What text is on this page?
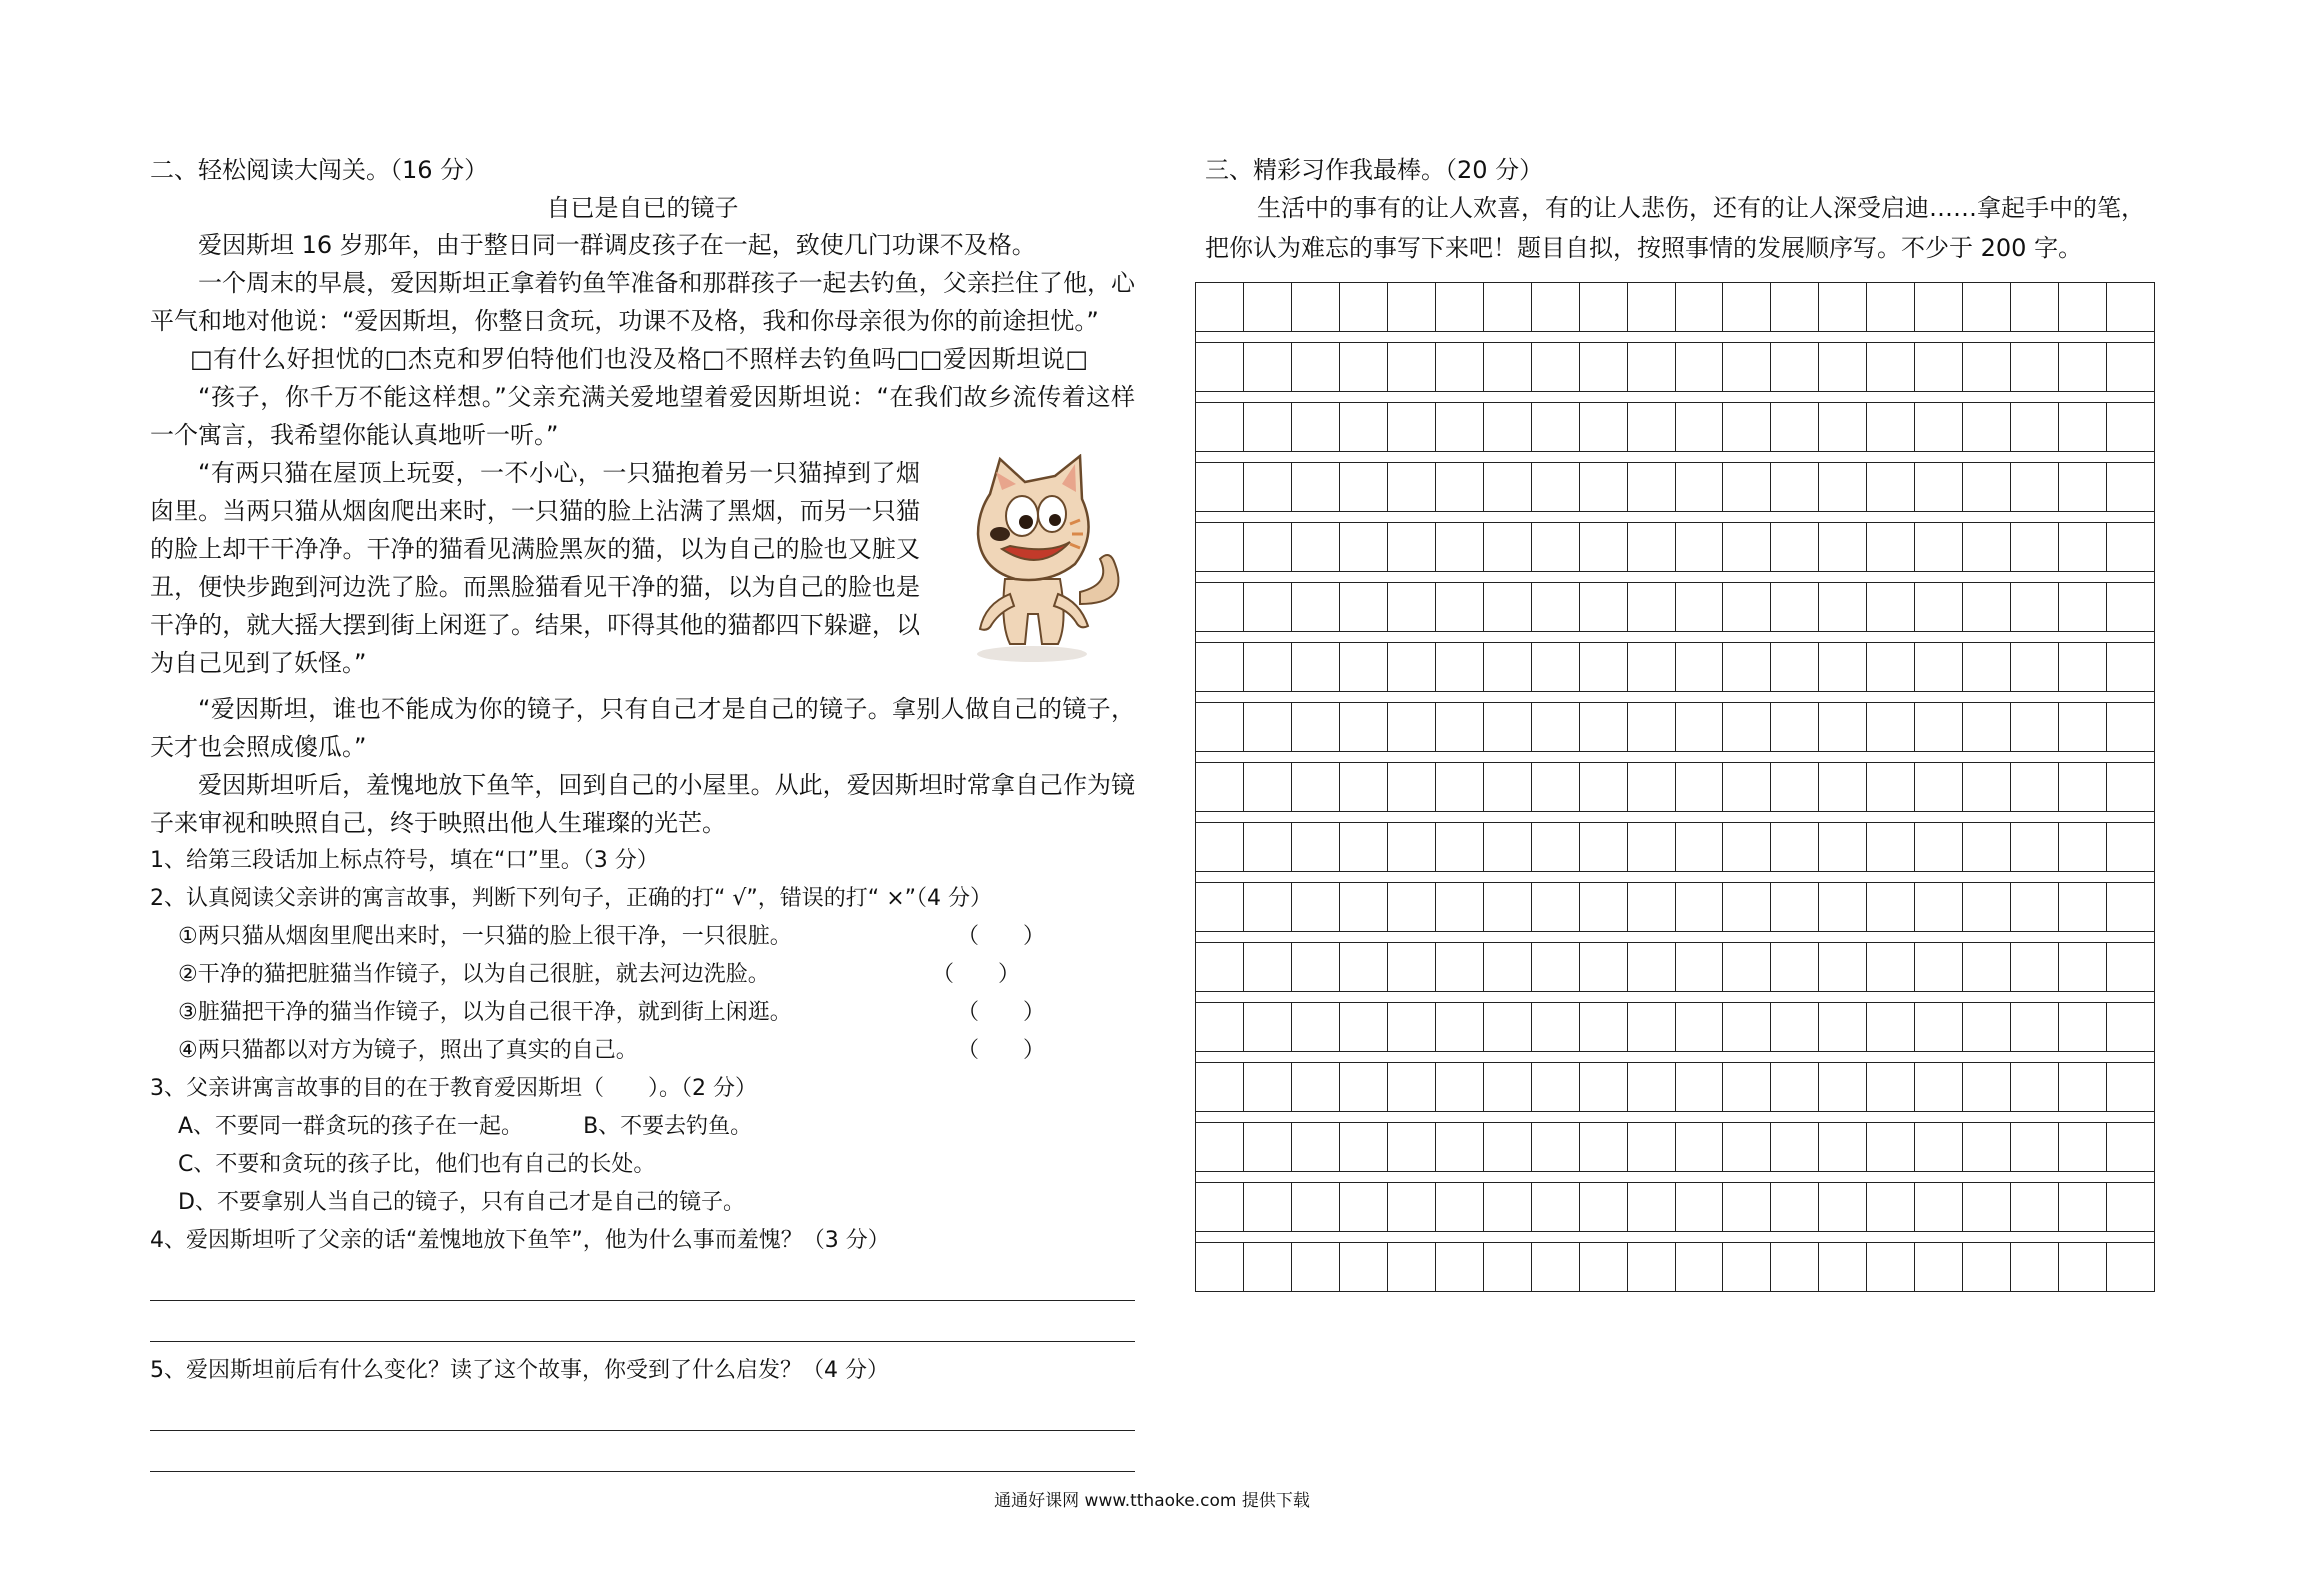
二、轻松阅读大闯关。（16 分）

自已是自已的镜子

爱因斯坦 16 岁那年，由于整日同一群调皮孩子在一起，致使几门功课不及格。

一个周末的早晨，爱因斯坦正拿着钓鱼竿准备和那群孩子一起去钓鱼，父亲拦住了他，心平气和地对他说：“爱因斯坦，你整日贪玩，功课不及格，我和你母亲很为你的前途担忧。”

□有什么好担忧的□杰克和罗伯特他们也没及格□不照样去钓鱼吗□□爱因斯坦说□

“孩子，你千万不能这样想。”父亲充满关爱地望着爱因斯坦说：“在我们故乡流传着这样一个寓言，我希望你能认真地听一听。”

“有两只猫在屋顶上玩耍，一不小心，一只猫抱着另一只猫掉到了烟囱里。当两只猫从烟囱爬出来时，一只猫的脸上沾满了黑烟，而另一只猫的脸上却干干净净。干净的猫看见满脸黑灰的猫，以为自己的脸也又脏又丑，便快步跑到河边洗了脸。而黑脸猫看见干净的猫，以为自己的脸也是干净的，就大摇大摆到街上闲逛了。结果，吓得其他的猫都四下躲避，以为自己见到了妖怪。”

“爱因斯坦，谁也不能成为你的镜子，只有自己才是自己的镜子。拿别人做自己的镜子，天才也会照成傻瓜。”

爱因斯坦听后，羞愧地放下鱼竿，回到自己的小屋里。从此，爱因斯坦时常拿自己作为镜子来审视和映照自己，终于映照出他人生璀璨的光芒。

1、给第三段话加上标点符号，填在“口”里。（3 分）

2、认真阅读父亲讲的寓言故事，判断下列句子，正确的打“ √”，错误的打“ ×”（4 分）

①两只猫从烟囱里爬出来时，一只猫的脸上很干净，一只很脏。	（　　）

②干净的猫把脏猫当作镜子，以为自己很脏，就去河边洗脸。	（　　）

③脏猫把干净的猫当作镜子，以为自己很干净，就到街上闲逛。	（　　）

④两只猫都以对方为镜子，照出了真实的自己。	（　　）

3、父亲讲寓言故事的目的在于教育爱因斯坦（　　）。（2 分）

A、不要同一群贪玩的孩子在一起。	B、不要去钓鱼。

C、不要和贪玩的孩子比，他们也有自己的长处。

D、不要拿别人当自己的镜子，只有自己才是自己的镜子。

4、爱因斯坦听了父亲的话“羞愧地放下鱼竿”，他为什么事而羞愧？（3 分）

5、爱因斯坦前后有什么变化？读了这个故事，你受到了什么启发？（4 分）

三、精彩习作我最棒。（20 分）

生活中的事有的让人欢喜，有的让人悲伤，还有的让人深受启迪……拿起手中的笔，把你认为难忘的事写下来吧！题目自拟，按照事情的发展顺序写。不少于 200 字。

通通好课网 www.tthaoke.com 提供下载
